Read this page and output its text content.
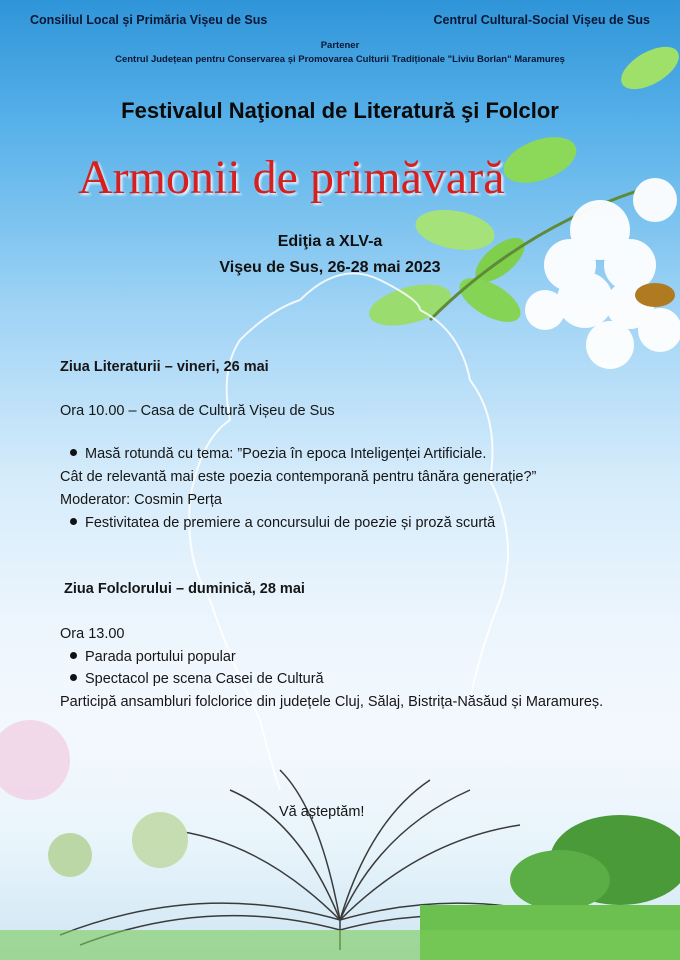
Consiliul Local și Primăria Vișeu de Sus	Centrul Cultural-Social Vișeu de Sus
Partener
Centrul Județean pentru Conservarea și Promovarea Culturii Tradiționale "Liviu Borlan" Maramureș
Festivalul Naţional de Literatură şi Folclor
Armonii de primăvară
Ediţia a XLV-a
Vişeu de Sus, 26-28 mai 2023
Ziua Literaturii – vineri, 26 mai
Ora 10.00 – Casa de Cultură Vișeu de Sus
Masă rotundă cu tema: ”Poezia în epoca Inteligenței Artificiale.
Cât de relevantă mai este poezia contemporană pentru tânăra generație?”
Moderator: Cosmin Perța
Festivitatea de premiere a concursului de poezie și proză scurtă
Ziua Folclorului – duminică, 28 mai
Ora 13.00
Parada portului popular
Spectacol pe scena Casei de Cultură
Participă ansambluri folclorice din județele Cluj, Sălaj, Bistrița-Năsăud și Maramureș.
Vă așteptăm!
